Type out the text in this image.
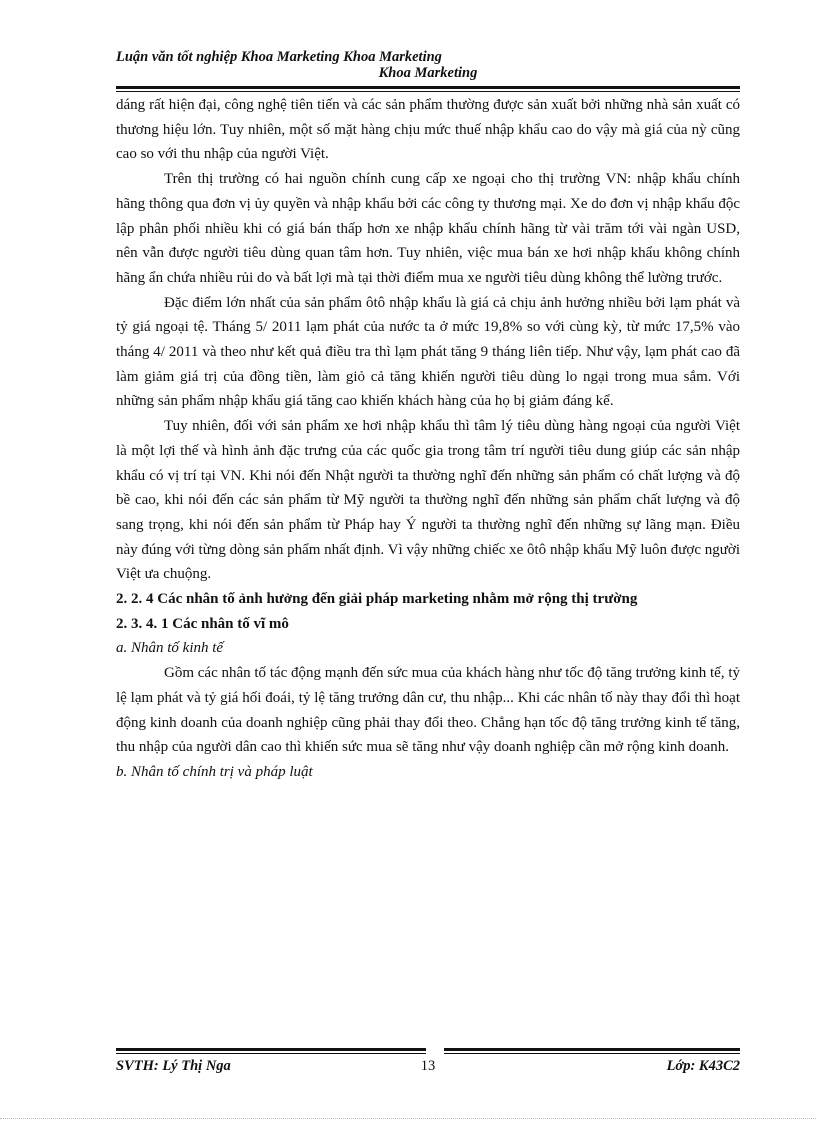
Luận văn tốt nghiệp Khoa Marketing Khoa Marketing
Khoa Marketing

dáng rất hiện đại, công nghệ tiên tiến và các sản phẩm thường được sản xuất bởi những nhà sản xuất có thương hiệu lớn. Tuy nhiên, một số mặt hàng chịu mức thuế nhập khẩu cao do vậy mà giá của nỳ cũng cao so với thu nhập của người Việt.

Trên thị trường có hai nguồn chính cung cấp xe ngoại cho thị trường VN: nhập khẩu chính hãng thông qua đơn vị ủy quyền và nhập khẩu bởi các công ty thương mại. Xe do đơn vị nhập khẩu độc lập phân phối nhiều khi có giá bán thấp hơn xe nhập khẩu chính hãng từ vài trăm tới vài ngàn USD, nên vẫn được người tiêu dùng quan tâm hơn. Tuy nhiên, việc mua bán xe hơi nhập khẩu không chính hãng ẩn chứa nhiều rủi do và bất lợi mà tại thời điểm mua xe người tiêu dùng không thể lường trước.

Đặc điểm lớn nhất của sản phẩm ôtô nhập khẩu là giá cả chịu ảnh hưởng nhiều bởi lạm phát và tỷ giá ngoại tệ. Tháng 5/ 2011 lạm phát của nước ta ở mức 19,8% so với cùng kỳ, từ mức 17,5% vào tháng 4/ 2011 và theo như kết quả điều tra thì lạm phát tăng 9 tháng liên tiếp. Như vậy, lạm phát cao đã làm giảm giá trị của đồng tiền, làm giỏ cả tăng khiến người tiêu dùng lo ngại trong mua sắm. Với những sản phẩm nhập khẩu giá tăng cao khiến khách hàng của họ bị giảm đáng kể.

Tuy nhiên, đối với sản phẩm xe hơi nhập khẩu thì tâm lý tiêu dùng hàng ngoại của người Việt là một lợi thế và hình ảnh đặc trưng của các quốc gia trong tâm trí người tiêu dung giúp các sản nhập khẩu có vị trí tại VN. Khi nói đến Nhật người ta thường nghĩ đến những sản phẩm có chất lượng và độ bề cao, khi nói đến các sản phẩm từ Mỹ người ta thường nghĩ đến những sản phẩm chất lượng và độ sang trọng, khi nói đến sản phẩm từ Pháp hay Ý người ta thường nghĩ đến những sự lãng mạn. Điều này đúng với từng dòng sản phẩm nhất định. Vì vậy những chiếc xe ôtô nhập khẩu Mỹ luôn được người Việt ưa chuộng.

2. 2. 4 Các nhân tố ảnh hưởng đến giải pháp marketing nhằm mở rộng thị trường

2. 3. 4. 1 Các nhân tố vĩ mô

a. Nhân tố kinh tế

Gồm các nhân tố tác động mạnh đến sức mua của khách hàng như tốc độ tăng trưởng kinh tế, tỷ lệ lạm phát và tỷ giá hối đoái, tỷ lệ tăng trưởng dân cư, thu nhập... Khi các nhân tố này thay đổi thì hoạt động kinh doanh của doanh nghiệp cũng phải thay đổi theo. Chẳng hạn tốc độ tăng trưởng kinh tế tăng, thu nhập của người dân cao thì khiến sức mua sẽ tăng như vậy doanh nghiệp cần mở rộng kinh doanh.

b. Nhân tố chính trị và pháp luật

SVTH: Lý Thị Nga	13	Lớp: K43C2
